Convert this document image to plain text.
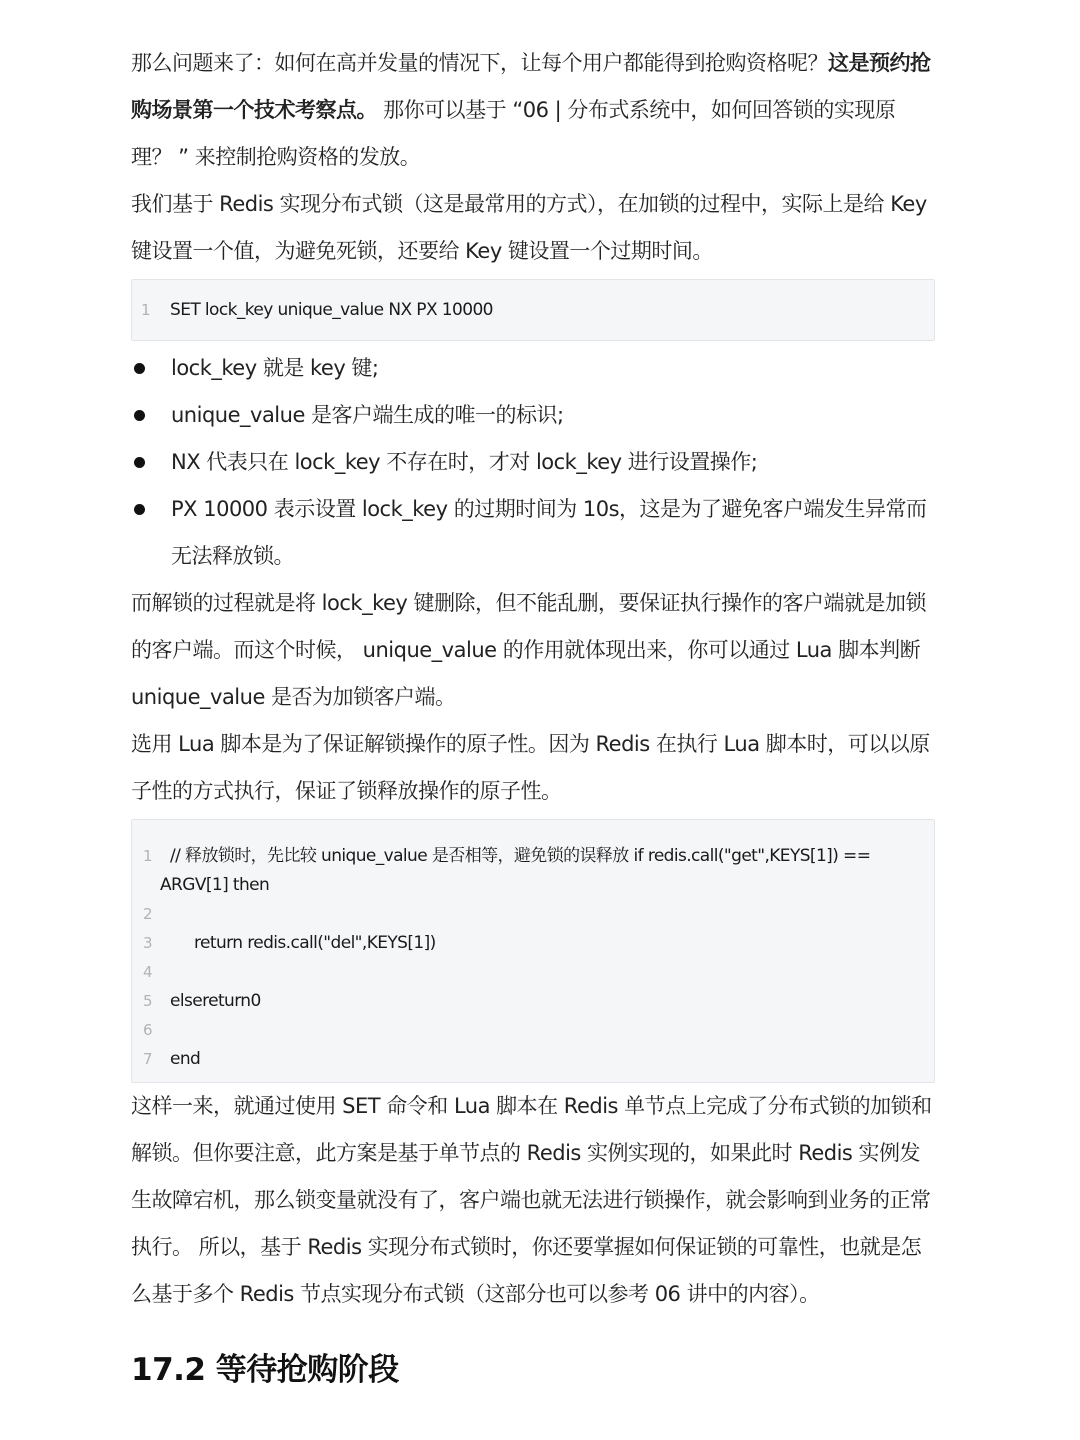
那么问题来了：如何在高并发量的情况下，让每个用户都能得到抢购资格呢？这是预约抢购场景第一个技术考察点。 那你可以基于 “06 | 分布式系统中，如何回答锁的实现原理？ ” 来控制抢购资格的发放。

我们基于 Redis 实现分布式锁（这是最常用的方式），在加锁的过程中，实际上是给 Key 键设置一个值，为避免死锁，还要给 Key 键设置一个过期时间。

1	SET lock_key unique_value NX PX 10000
lock_key 就是 key 键;
unique_value 是客户端生成的唯一的标识;
NX 代表只在 lock_key 不存在时，才对 lock_key 进行设置操作;
PX 10000 表示设置 lock_key 的过期时间为 10s，这是为了避免客户端发生异常而无法释放锁。

而解锁的过程就是将 lock_key 键删除，但不能乱删，要保证执行操作的客户端就是加锁的客户端。而这个时候， unique_value 的作用就体现出来，你可以通过 Lua 脚本判断 unique_value 是否为加锁客户端。

选用 Lua 脚本是为了保证解锁操作的原子性。因为 Redis 在执行 Lua 脚本时，可以以原子性的方式执行，保证了锁释放操作的原子性。

1	// 释放锁时，先比较 unique_value 是否相等，避免锁的误释放 if redis.call("get",KEYS[1]) ==
ARGV[1] then
2
3	return redis.call("del",KEYS[1])
4
5	elsereturn0
6
7	end

这样一来，就通过使用 SET 命令和 Lua 脚本在 Redis 单节点上完成了分布式锁的加锁和解锁。但你要注意，此方案是基于单节点的 Redis 实例实现的，如果此时 Redis 实例发生故障宕机，那么锁变量就没有了，客户端也就无法进行锁操作，就会影响到业务的正常执行。 所以，基于 Redis 实现分布式锁时，你还要掌握如何保证锁的可靠性，也就是怎么基于多个 Redis 节点实现分布式锁（这部分也可以参考 06 讲中的内容）。

17.2 等待抢购阶段
